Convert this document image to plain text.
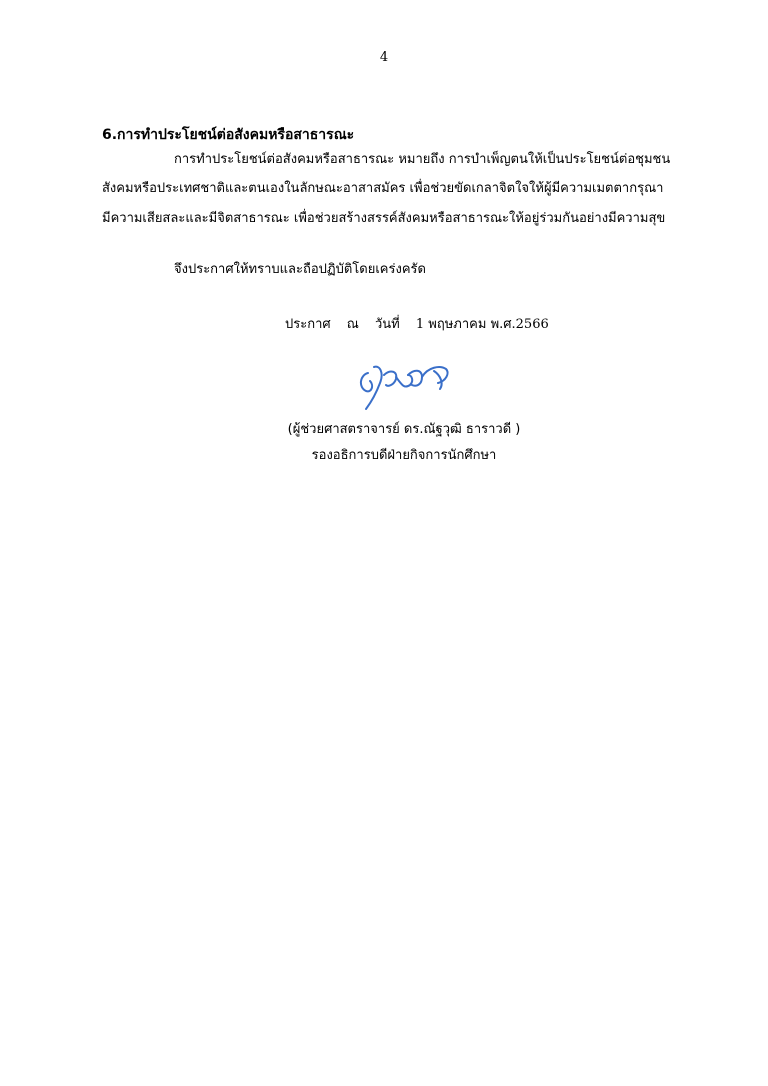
4
6.การทำประโยชน์ต่อสังคมหรือสาธารณะ
การทำประโยชน์ต่อสังคมหรือสาธารณะ หมายถึง การบำเพ็ญตนให้เป็นประโยชน์ต่อชุมชน
สังคมหรือประเทศชาติและตนเองในลักษณะอาสาสมัคร เพื่อช่วยขัดเกลาจิตใจให้ผู้มีความเมตตากรุณา
มีความเสียสละและมีจิตสาธารณะ เพื่อช่วยสร้างสรรค์สังคมหรือสาธารณะให้อยู่ร่วมกันอย่างมีความสุข
จึงประกาศให้ทราบและถือปฏิบัติโดยเคร่งครัด
ประกาศ ณ วันที่ 1 พฤษภาคม พ.ศ.2566
(ผู้ช่วยศาสตราจารย์ ดร.ณัฐวุฒิ ธาราวดี )
รองอธิการบดีฝ่ายกิจการนักศึกษา
